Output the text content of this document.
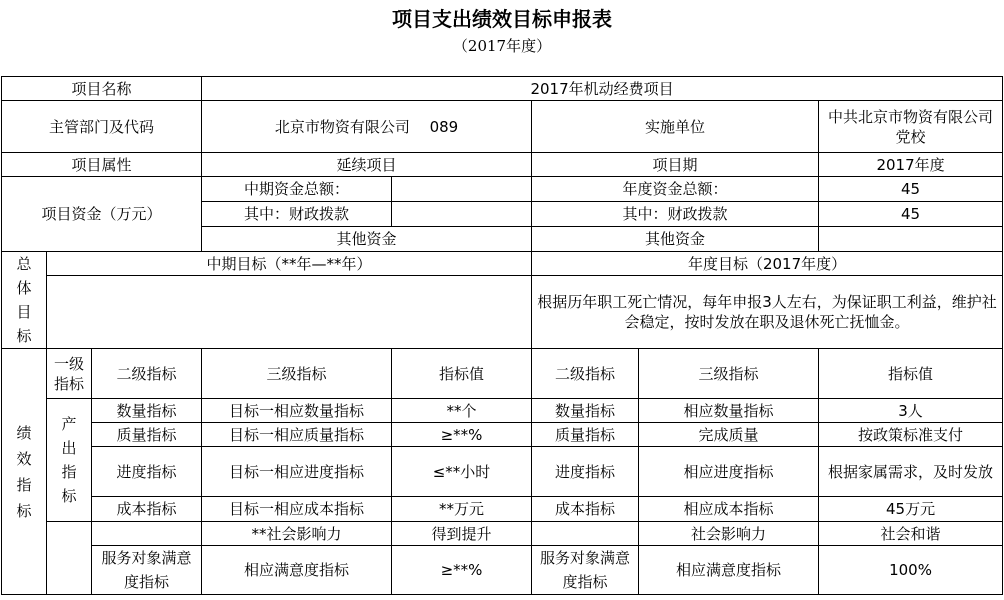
项目支出绩效目标申报表
（2017年度）
项目名称			2017年机动经费项目				
主管部门及代码			北京市物资有限公司　 089		实施单位		中共北京市物资有限公司党校
项目属性			延续项目		项目期		2017年度
项目资金（万元）			中期资金总额：		年度资金总额：		45
			其中：财政拨款		其中：财政拨款		45
			其他资金		其他资金		
总体目标	中期目标（**年—**年）				年度目标（2017年度）		
					根据历年职工死亡情况，每年申报3人左右，为保证职工利益，维护社会稳定，按时发放在职及退休死亡抚恤金。		
绩效指标	一级指标	二级指标	三级指标	指标值	二级指标	三级指标	指标值
	产出指标	数量指标	目标一相应数量指标	**个	数量指标	相应数量指标	3人
		质量指标	目标一相应质量指标	≥**%	质量指标	完成质量	按政策标准支付
		进度指标	目标一相应进度指标	≤**小时	进度指标	相应进度指标	根据家属需求，及时发放
		成本指标	目标一相应成本指标	**万元	成本指标	相应成本指标	45万元
			**社会影响力	得到提升		社会影响力	社会和谐
		服务对象满意度指标	相应满意度指标	≥**%	服务对象满意度指标	相应满意度指标	100%
